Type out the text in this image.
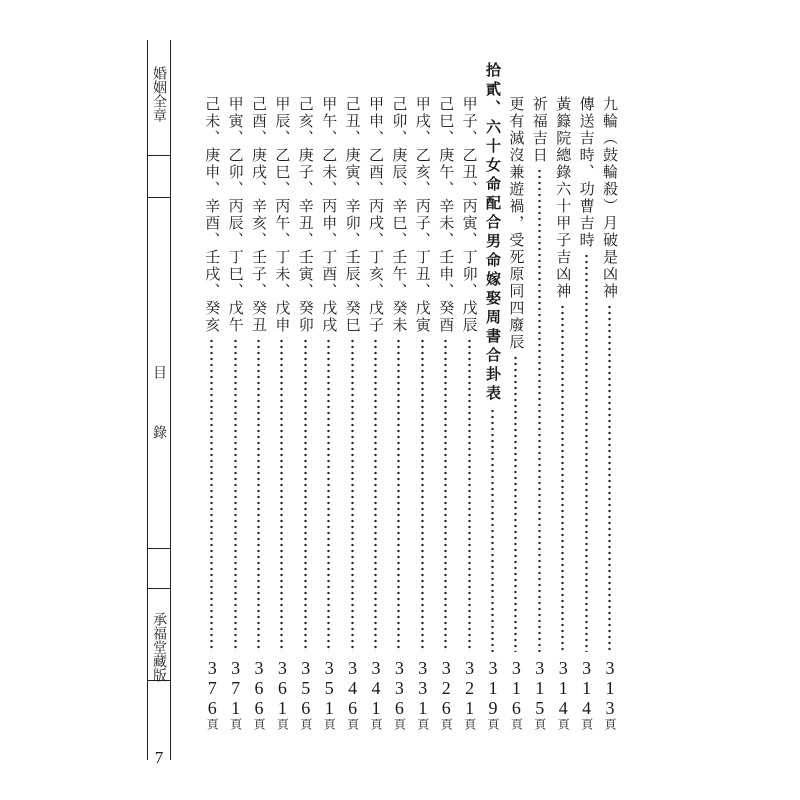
婚姻全章
目　錄
承福堂藏版
7
九輪（鼓輪殺）月破是凶神
313頁
傳送吉時、功曹吉時
314頁
黃籙院總錄六十甲子吉凶神
314頁
祈福吉日
315頁
更有滅沒兼遊禍，受死原同四廢辰
316頁
拾貳、六十女命配合男命嫁娶周書合卦表
319頁
甲子、乙丑、丙寅、丁卯、戊辰
321頁
己巳、庚午、辛未、壬申、癸酉
326頁
甲戌、乙亥、丙子、丁丑、戊寅
331頁
己卯、庚辰、辛巳、壬午、癸未
336頁
甲申、乙酉、丙戌、丁亥、戊子
341頁
己丑、庚寅、辛卯、壬辰、癸巳
346頁
甲午、乙未、丙申、丁酉、戊戌
351頁
己亥、庚子、辛丑、壬寅、癸卯
356頁
甲辰、乙巳、丙午、丁未、戊申
361頁
己酉、庚戌、辛亥、壬子、癸丑
366頁
甲寅、乙卯、丙辰、丁巳、戊午
371頁
己未、庚申、辛酉、壬戌、癸亥
376頁
